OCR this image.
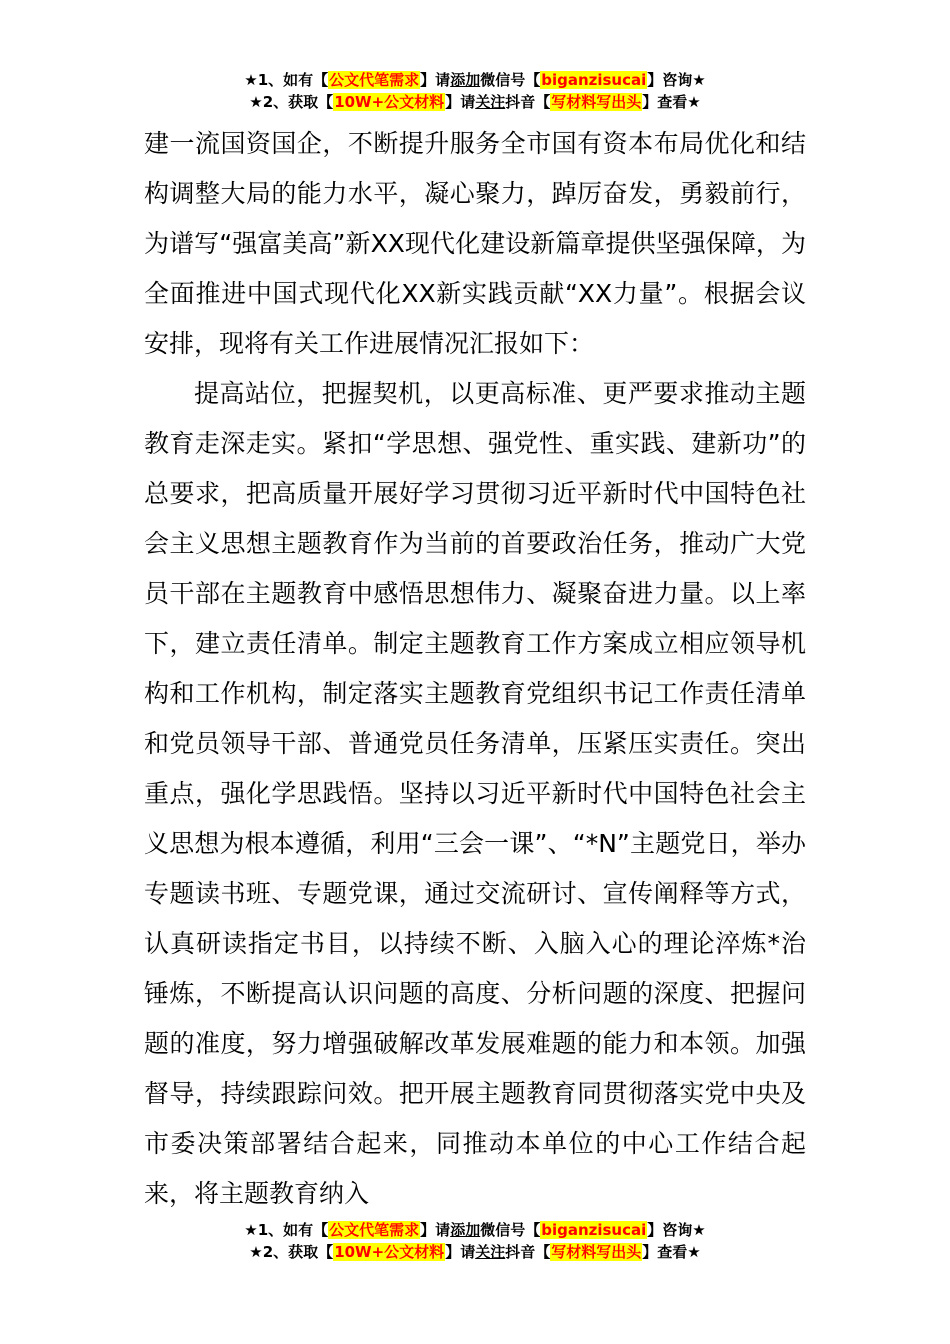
★1、如有【公文代笔需求】请添加微信号【biganzisucai】咨询★
★2、获取【10W+公文材料】请关注抖音【写材料写出头】查看★

建一流国资国企，不断提升服务全市国有资本布局优化和结构调整大局的能力水平，凝心聚力，踔厉奋发，勇毅前行，为谱写“强富美高”新XX现代化建设新篇章提供坚强保障，为全面推进中国式现代化XX新实践贡献“XX力量”。根据会议安排，现将有关工作进展情况汇报如下：

提高站位，把握契机，以更高标准、更严要求推动主题教育走深走实。紧扣“学思想、强党性、重实践、建新功”的总要求，把高质量开展好学习贯彻习近平新时代中国特色社会主义思想主题教育作为当前的首要政治任务，推动广大党员干部在主题教育中感悟思想伟力、凝聚奋进力量。以上率下，建立责任清单。制定主题教育工作方案成立相应领导机构和工作机构，制定落实主题教育党组织书记工作责任清单和党员领导干部、普通党员任务清单，压紧压实责任。突出重点，强化学思践悟。坚持以习近平新时代中国特色社会主义思想为根本遵循，利用“三会一课”、“*N”主题党日，举办专题读书班、专题党课，通过交流研讨、宣传阐释等方式，认真研读指定书目，以持续不断、入脑入心的理论淬炼*治锤炼，不断提高认识问题的高度、分析问题的深度、把握问题的准度，努力增强破解改革发展难题的能力和本领。加强督导，持续跟踪问效。把开展主题教育同贯彻落实党中央及市委决策部署结合起来，同推动本单位的中心工作结合起来，将主题教育纳入

★1、如有【公文代笔需求】请添加微信号【biganzisucai】咨询★
★2、获取【10W+公文材料】请关注抖音【写材料写出头】查看★
